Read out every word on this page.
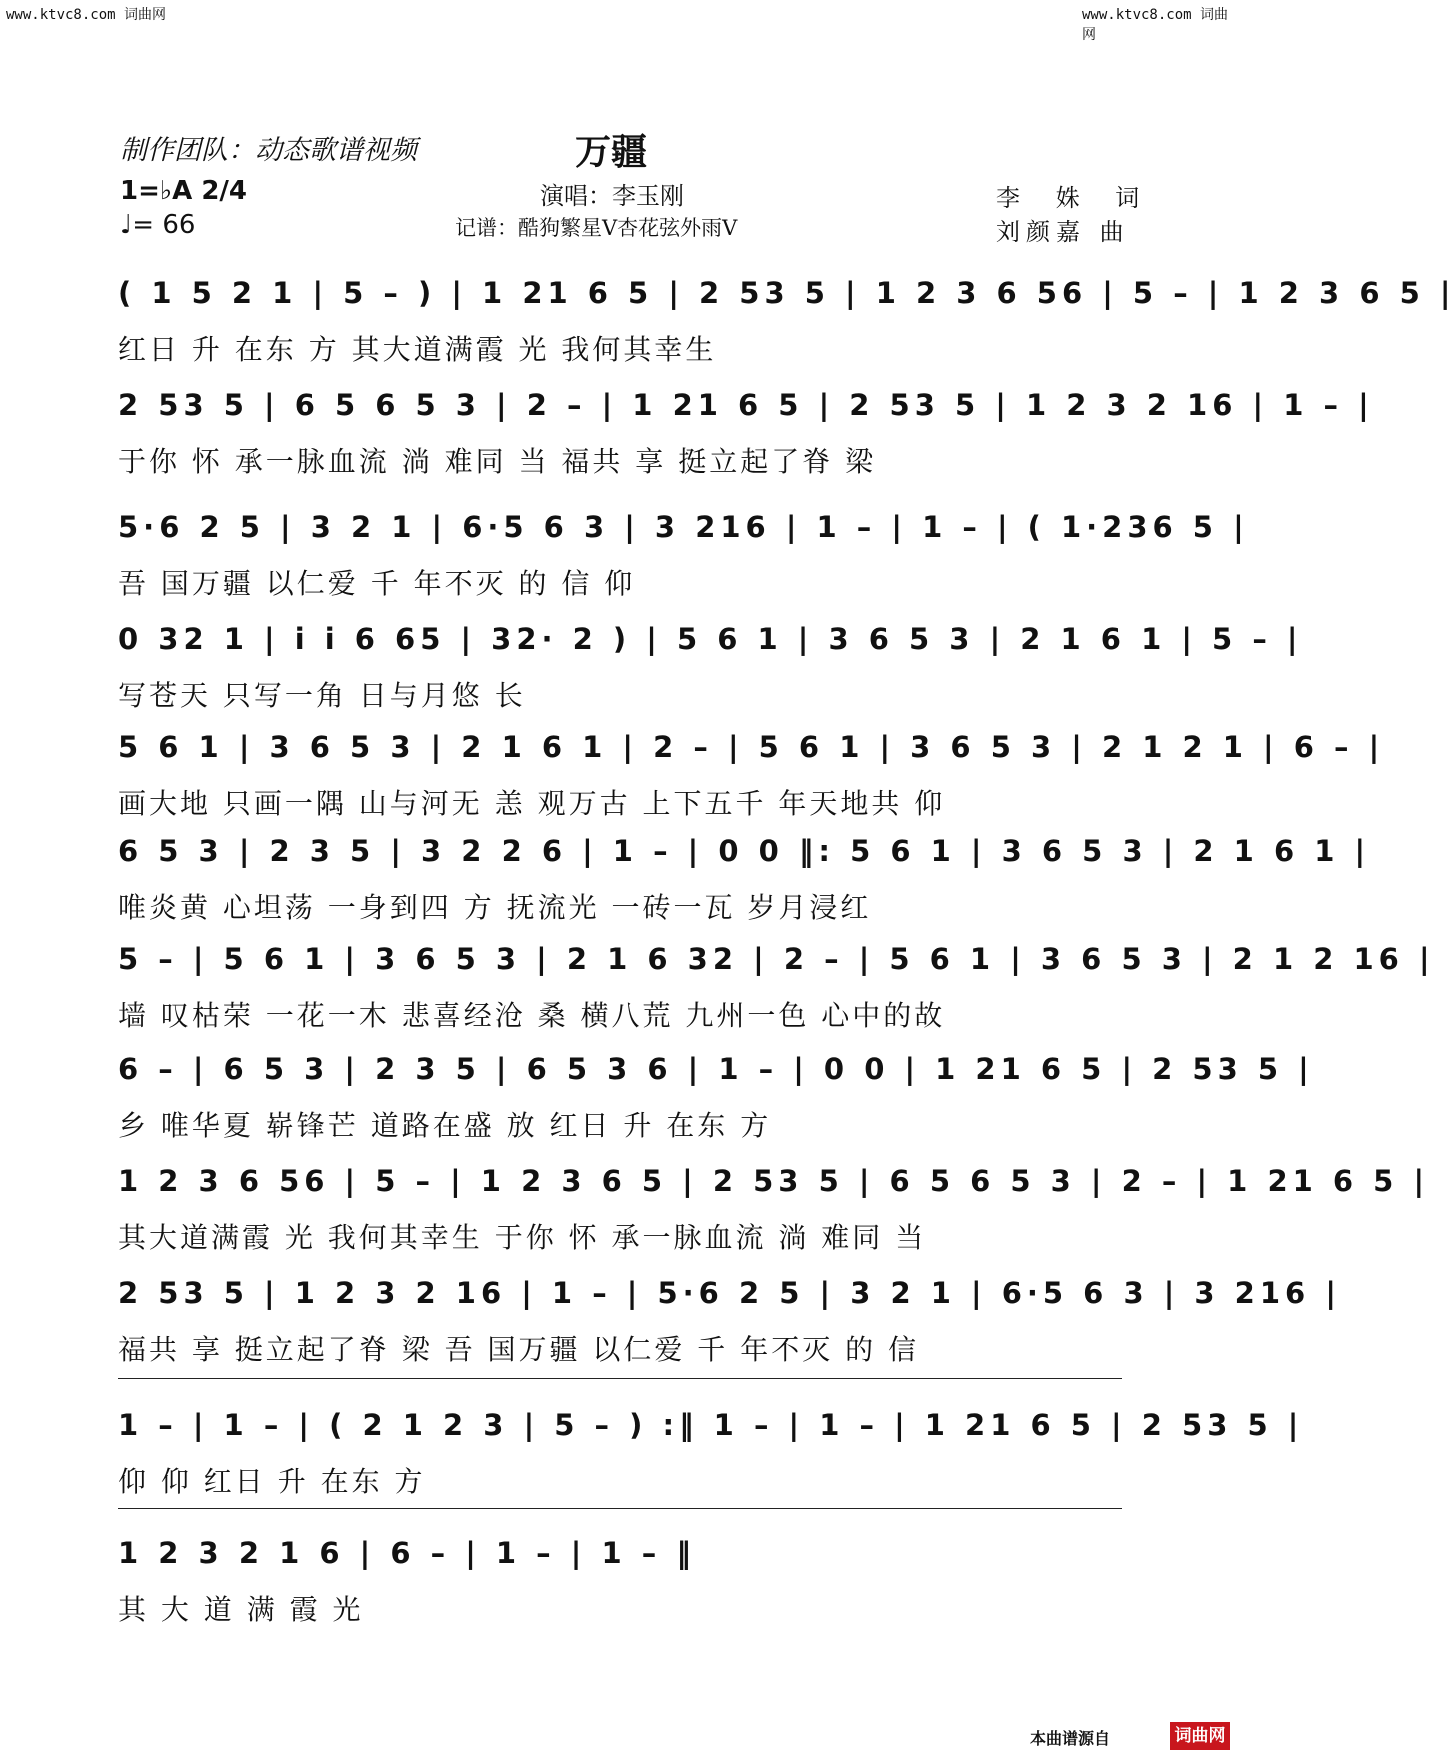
www.ktvc8.com 词曲网	www.ktvc8.com 词曲网
制作团队：动态歌谱视频	万疆
1=♭A 2/4
♩= 66
演唱：李玉刚
记谱：酷狗繁星V杏花弦外雨V
李 姝 词
刘颜嘉 曲
( 1 5 2 1 | 5 – ) | 1 21 6 5 | 2 53 5 | 1 2 3 6 56 | 5 – | 1 2 3 6 5 |
红日 升 在东 方 其大道满霞 光 我何其幸生
2 53 5 | 6 5 6 5 3 | 2 – | 1 21 6 5 | 2 53 5 | 1 2 3 2 16 | 1 – |
于你 怀 承一脉血流 淌 难同 当 福共 享 挺立起了脊 梁
5·6 2 5 | 3 2 1 | 6·5 6 3 | 3 216 | 1 – | 1 – | ( 1·236 5 |
吾 国万疆 以仁爱 千 年不灭 的 信 仰
0 32 1 | i i 6 65 | 32· 2 ) | 5 6 1 | 3 6 5 3 | 2 1 6 1 | 5 – |
写苍天 只写一角 日与月悠 长
5 6 1 | 3 6 5 3 | 2 1 6 1 | 2 – | 5 6 1 | 3 6 5 3 | 2 1 2 1 | 6 – |
画大地 只画一隅 山与河无 恙 观万古 上下五千 年天地共 仰
6 5 3 | 2 3 5 | 3 2 2 6 | 1 – | 0 0 ‖: 5 6 1 | 3 6 5 3 | 2 1 6 1 |
唯炎黄 心坦荡 一身到四 方 抚流光 一砖一瓦 岁月浸红
5 – | 5 6 1 | 3 6 5 3 | 2 1 6 32 | 2 – | 5 6 1 | 3 6 5 3 | 2 1 2 16 |
墙 叹枯荣 一花一木 悲喜经沧 桑 横八荒 九州一色 心中的故
6 – | 6 5 3 | 2 3 5 | 6 5 3 6 | 1 – | 0 0 | 1 21 6 5 | 2 53 5 |
乡 唯华夏 崭锋芒 道路在盛 放 红日 升 在东 方
1 2 3 6 56 | 5 – | 1 2 3 6 5 | 2 53 5 | 6 5 6 5 3 | 2 – | 1 21 6 5 |
其大道满霞 光 我何其幸生 于你 怀 承一脉血流 淌 难同 当
2 53 5 | 1 2 3 2 16 | 1 – | 5·6 2 5 | 3 2 1 | 6·5 6 3 | 3 216 |
福共 享 挺立起了脊 梁 吾 国万疆 以仁爱 千 年不灭 的 信
1 – | 1 – | ( 2 1 2 3 | 5 – ) :‖ 1 – | 1 – | 1 21 6 5 | 2 53 5 |
仰 仰 红日 升 在东 方
1 2 3 2 1 6 | 6 – | 1 – | 1 – ‖
其 大 道 满 霞 光
本曲谱源自	词曲网
